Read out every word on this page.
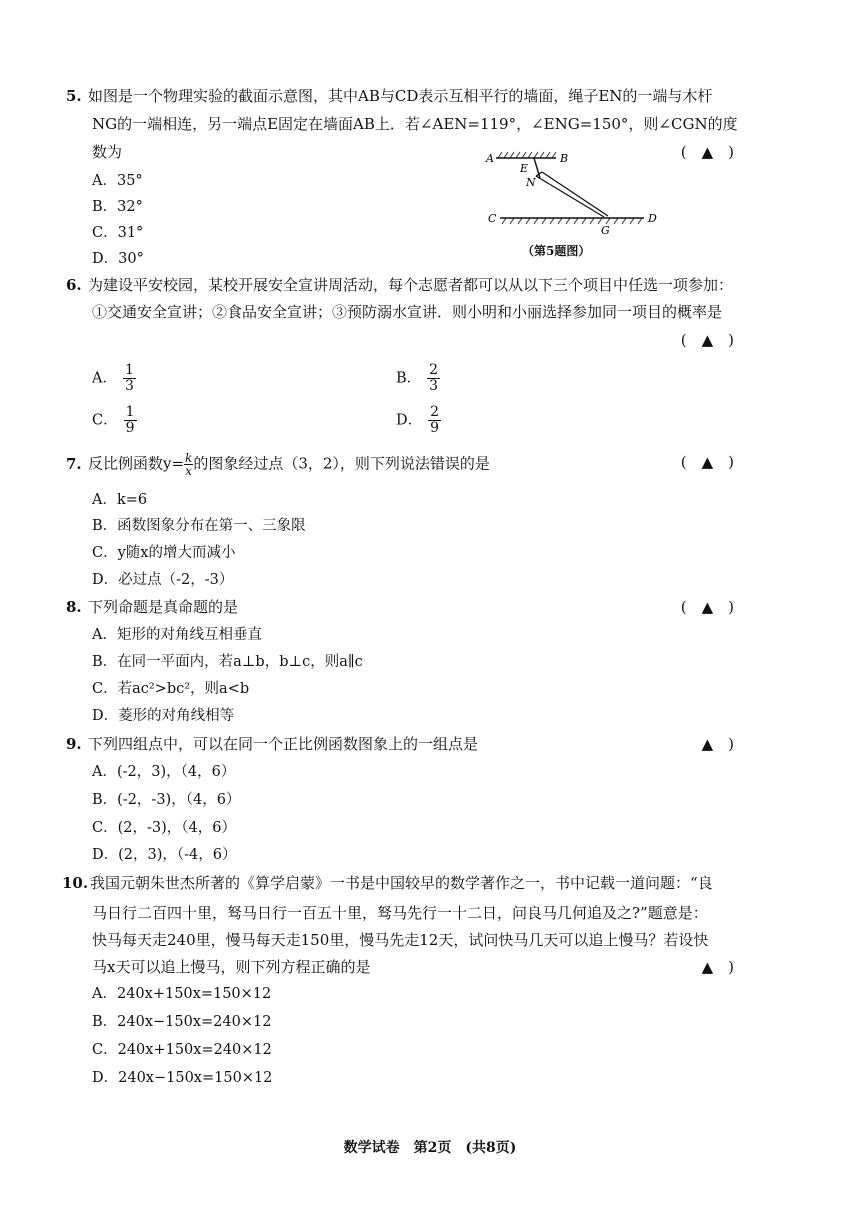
5. 如图是一个物理实验的截面示意图，其中AB与CD表示互相平行的墙面，绳子EN的一端与木杆
NG的一端相连，另一端点E固定在墙面AB上．若∠AEN=119°，∠ENG=150°，则∠CGN的度
数为	(　▲　)
A．35°
B．32°
C．31°
D．30°
A	B
E
N
C
G
D
（第5题图）
6. 为建设平安校园，某校开展安全宣讲周活动，每个志愿者都可以从以下三个项目中任选一项参加：
①交通安全宣讲；②食品安全宣讲；③预防溺水宣讲．则小明和小丽选择参加同一项目的概率是
(　▲　)
A． $\frac{1}{3}$	B． $\frac{2}{3}$
C． $\frac{1}{9}$	D． $\frac{2}{9}$
7. 反比例函数$y= \frac{k}{x}$ 的图象经过点（3，2），则下列说法错误的是	(　▲　)
A．k=6
B．函数图象分布在第一、三象限
C．y随x的增大而减小
D．必过点（-2，-3）
8. 下列命题是真命题的是	(　▲　)
A．矩形的对角线互相垂直
B．在同一平面内，若a⊥b，b⊥c，则a∥c
C．若ac²>bc²，则a<b
D．菱形的对角线相等
9. 下列四组点中，可以在同一个正比例函数图象上的一组点是	▲　)
A．(-2，3)，（4，6）
B．(-2，-3)，（4，6）
C．(2，-3)，（4，6）
D．(2，3)，（-4，6）
10. 我国元朝朱世杰所著的《算学启蒙》一书是中国较早的数学著作之一，书中记载一道问题：“良
马日行二百四十里，驽马日行一百五十里，驽马先行一十二日，问良马几何追及之?”题意是：
快马每天走240里，慢马每天走150里，慢马先走12天，试问快马几天可以追上慢马？若设快
马x天可以追上慢马，则下列方程正确的是	▲　)
A．240x+150x=150×12
B．240x−150x=240×12
C．240x+150x=240×12
D．240x−150x=150×12
数学试卷　第2页　(共8页)
